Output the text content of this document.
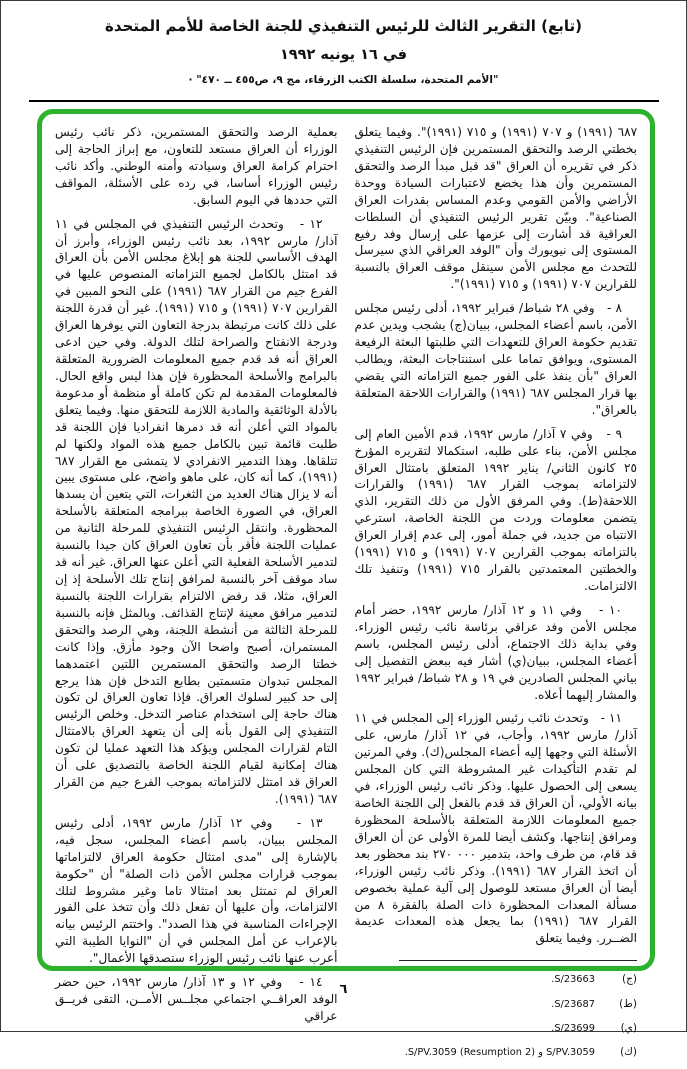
(تابع) التقرير الثالث للرئيس التنفيذي للجنة الخاصة للأمم المتحدة
في ١٦ يونيه ١٩٩٢
"الأمم المتحدة، سلسلة الكتب الزرقاء، مج ٩، ص٤٥٥ ــ ٤٧٠" ·

٦٨٧ (١٩٩١) و ٧٠٧ (١٩٩١) و ٧١٥ (١٩٩١)". وفيما يتعلق بخطتي الرصد والتحقق المستمرين فإن الرئيس التنفيذي ذكر في تقريره أن العراق "قد قبل مبدأ الرصد والتحقق المستمرين وأن هذا يخضع لاعتبارات السيادة ووحدة الأراضي والأمن القومي وعدم المساس بقدرات العراق الصناعية". وبيّن تقرير الرئيس التنفيذي أن السلطات العراقية قد أشارت إلى عزمها على إرسال وفد رفيع المستوى إلى نيويورك وأن "الوفد العراقي الذي سيرسل للتحدث مع مجلس الأمن سينقل موقف العراق بالنسبة للقرارين ٧٠٧ (١٩٩١) و ٧١٥ (١٩٩١)".

٨ -   وفي ٢٨ شباط/ فبراير ١٩٩٢، أدلى رئيس مجلس الأمن، باسم أعضاء المجلس، ببيان(ج) يشجب ويدين عدم تقديم حكومة العراق للتعهدات التي طلبتها البعثة الرفيعة المستوى، ويوافق تماما على استنتاجات البعثة، ويطالب العراق "بأن ينفذ على الفور جميع التزاماته التي يقضي بها قرار المجلس ٦٨٧ (١٩٩١) والقرارات اللاحقة المتعلقة بالعراق".

٩ -   وفي ٧ آذار/ مارس ١٩٩٢، قدم الأمين العام إلى مجلس الأمن، بناء على طلبه، استكمالا لتقريره المؤرخ ٢٥ كانون الثاني/ يناير ١٩٩٢ المتعلق بامتثال العراق لالتزاماته بموجب القرار ٦٨٧ (١٩٩١) والقرارات اللاحقة(ط). وفي المرفق الأول من ذلك التقرير، الذي يتضمن معلومات وردت من اللجنة الخاصة، استرعي الانتباه من جديد، في جملة أمور، إلى عدم إقرار العراق بالتزاماته بموجب القرارين ٧٠٧ (١٩٩١) و ٧١٥ (١٩٩١) والخطتين المعتمدتين بالقرار ٧١٥ (١٩٩١) وتنفيذ تلك الالتزامات.

١٠ -   وفي ١١ و ١٢ آذار/ مارس ١٩٩٢، حضر أمام مجلس الأمن وفد عراقي برئاسة نائب رئيس الوزراء. وفي بداية ذلك الاجتماع، أدلى رئيس المجلس، باسم أعضاء المجلس، ببيان(ي) أشار فيه ببعض التفصيل إلى بياني المجلس الصادرين في ١٩ و ٢٨ شباط/ فبراير ١٩٩٢ والمشار إليهما أعلاه.

١١ -   وتحدث نائب رئيس الوزراء إلى المجلس في ١١ آذار/ مارس ١٩٩٢، وأجاب، في ١٢ آذار/ مارس، على الأسئلة التي وجهها إليه أعضاء المجلس(ك). وفي المرتين لم تقدم التأكيدات غير المشروطة التي كان المجلس يسعى إلى الحصول عليها. وذكر نائب رئيس الوزراء، في بيانه الأولي، أن العراق قد قدم بالفعل إلى اللجنة الخاصة جميع المعلومات اللازمة المتعلقة بالأسلحة المحظورة ومرافق إنتاجها. وكشف أيضا للمرة الأولى عن أن العراق قد قام، من طرف واحد، بتدمير ٢٧٠ ٠٠٠ بند محظور بعد أن اتخذ القرار ٦٨٧ (١٩٩١). وذكر نائب رئيس الوزراء، أيضا أن العراق مستعد للوصول إلى آلية عملية بخصوص مسألة المعدات المحظورة ذات الصلة بالفقرة ٨ من القرار ٦٨٧ (١٩٩١) بما يجعل هذه المعدات عديمة الضــرر. وفيما يتعلق

(ج)
S/23663.
(ط)
S/23687.
(ي)
S/23699.
(ك)
S/PV.3059 و S/PV.3059 (Resumption 2).

بعملية الرصد والتحقق المستمرين، ذكر نائب رئيس الوزراء أن العراق مستعد للتعاون، مع إبراز الحاجة إلى احترام كرامة العراق وسيادته وأمنه الوطني. وأكد نائب رئيس الوزراء أساسا، في رده على الأسئلة، المواقف التي حددها في اليوم السابق.

١٢ -   وتحدث الرئيس التنفيذي في المجلس في ١١ آذار/ مارس ١٩٩٢، بعد نائب رئيس الوزراء، وأبرز أن الهدف الأساسي للجنة هو إبلاغ مجلس الأمن بأن العراق قد امتثل بالكامل لجميع التزاماته المنصوص عليها في الفرع جيم من القرار ٦٨٧ (١٩٩١) على النحو المبين في القرارين ٧٠٧ (١٩٩١) و ٧١٥ (١٩٩١). غير أن قدرة اللجنة على ذلك كانت مرتبطة بدرجة التعاون التي يوفرها العراق ودرجة الانفتاح والصراحة لتلك الدولة. وفي حين ادعى العراق أنه قد قدم جميع المعلومات الضرورية المتعلقة بالبرامج والأسلحة المحظورة فإن هذا ليس واقع الحال. فالمعلومات المقدمة لم تكن كاملة أو منظمة أو مدعومة بالأدلة الوثائقية والمادية اللازمة للتحقق منها. وفيما يتعلق بالمواد التي أعلن أنه قد دمرها انفراديا فإن اللجنة قد طلبت قائمة تبين بالكامل جميع هذه المواد ولكنها لم تتلقاها. وهذا التدمير الانفرادي لا يتمشى مع القرار ٦٨٧ (١٩٩١)، كما أنه كان، على ماهو واضح، على مستوى يبين أنه لا يزال هناك العديد من الثغرات، التي يتعين أن يسدها العراق، في الصورة الخاصة ببرامجه المتعلقة بالأسلحة المحظورة. وانتقل الرئيس التنفيذي للمرحلة الثانية من عمليات اللجنة فأقر بأن تعاون العراق كان جيدا بالنسبة لتدمير الأسلحة الفعلية التي أعلن عنها العراق. غير أنه قد ساد موقف آخر بالنسبة لمرافق إنتاج تلك الأسلحة إذ إن العراق، مثلا، قد رفض الالتزام بقرارات اللجنة بالنسبة لتدمير مرافق معينة لإنتاج القذائف. وبالمثل فإنه بالنسبة للمرحلة الثالثة من أنشطة اللجنة، وهي الرصد والتحقق المستمران، أصبح واضحا الآن وجود مأزق. وإذا كانت خطتا الرصد والتحقق المستمرين اللتين اعتمدهما المجلس تبدوان متسمتين بطابع التدخل فإن هذا يرجع إلى حد كبير لسلوك العراق. فإذا تعاون العراق لن تكون هناك حاجة إلى استخدام عناصر التدخل. وخلص الرئيس التنفيذي إلى القول بأنه إلى أن يتعهد العراق بالامتثال التام لقرارات المجلس ويؤكد هذا التعهد عمليا لن تكون هناك إمكانية لقيام اللجنة الخاصة بالتصديق على أن العراق قد امتثل لالتزاماته بموجب الفرع جيم من القرار ٦٨٧ (١٩٩١).

١٣ -   وفي ١٢ آذار/ مارس ١٩٩٢، أدلى رئيس المجلس ببيان، باسم أعضاء المجلس، سجل فيه، بالإشارة إلى "مدى امتثال حكومة العراق لالتزاماتها بموجب قرارات مجلس الأمن ذات الصلة" أن "حكومة العراق لم تمتثل بعد امتثالا تاما وغير مشروط لتلك الالتزامات، وأن عليها أن تفعل ذلك وأن تتخذ على الفور الإجراءات المناسبة في هذا الصدد". واختتم الرئيس بيانه بالإعراب عن أمل المجلس في أن "النوايا الطيبة التي أعرب عنها نائب رئيس الوزراء ستصدقها الأعمال".

١٤ -   وفي ١٢ و ١٣ آذار/ مارس ١٩٩٢، حين حضر الوفد العراقــي اجتماعي مجلــس الأمــن، التقى فريــق عراقي

٦
